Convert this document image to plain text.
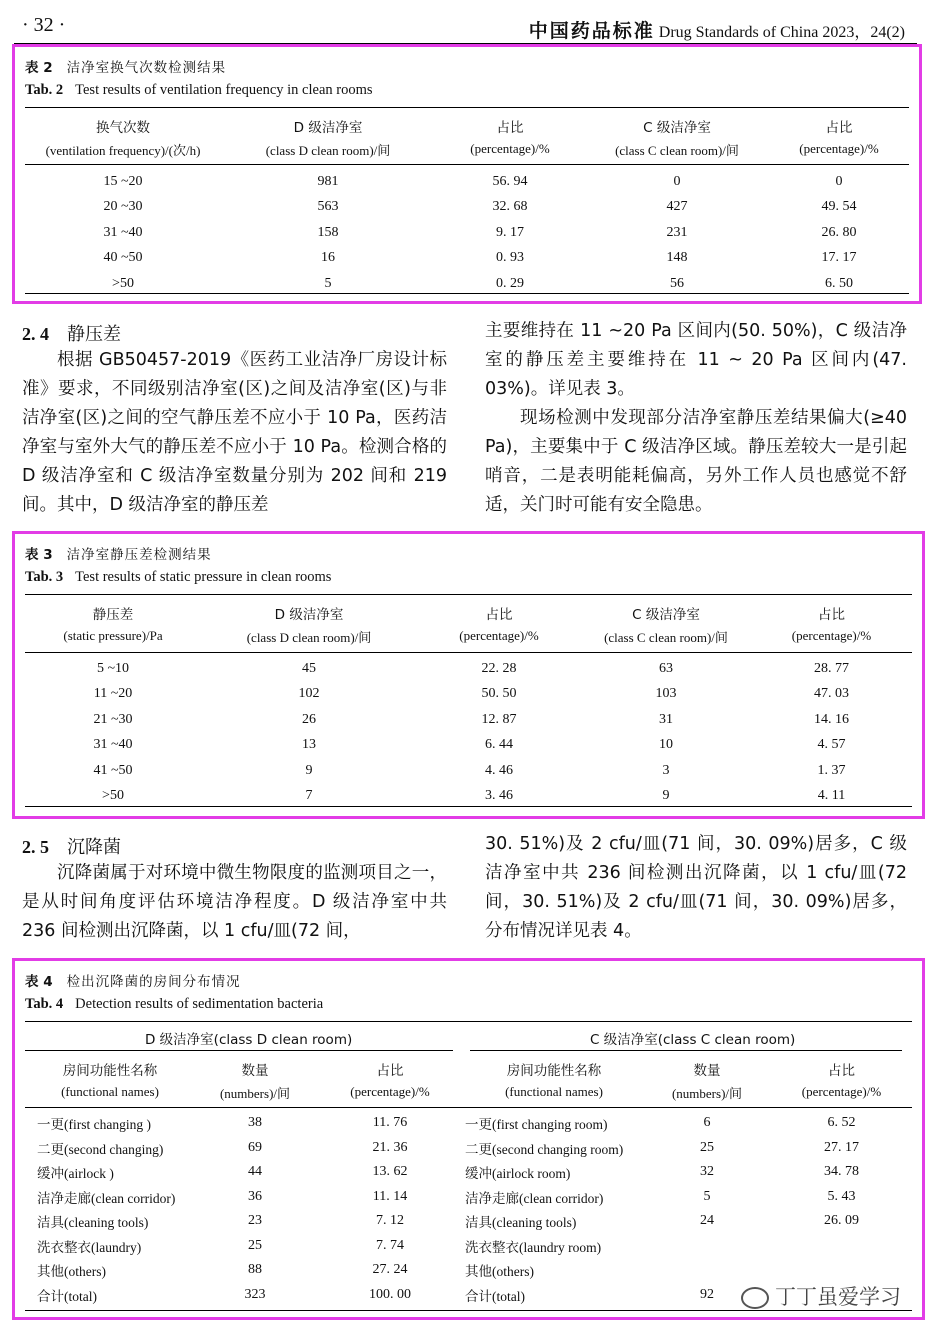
· 32 ·	中国药品标准 Drug Standards of China 2023，24(2)
表 2 洁净室换气次数检测结果
Tab. 2 Test results of ventilation frequency in clean rooms
换气次数	D 级洁净室	占比	C 级洁净室	占比
(ventilation frequency)/(次/h)	(class D clean room)/间	(percentage)/%	(class C clean room)/间	(percentage)/%
15 ~20	981	56. 94	0	0
20 ~30	563	32. 68	427	49. 54
31 ~40	158	9. 17	231	26. 80
40 ~50	16	0. 93	148	17. 17
>50	5	0. 29	56	6. 50
2. 4 静压差

根据 GB50457-2019《医药工业洁净厂房设计标准》要求，不同级别洁净室(区)之间及洁净室(区)与非洁净室(区)之间的空气静压差不应小于 10 Pa，医药洁净室与室外大气的静压差不应小于 10 Pa。检测合格的 D 级洁净室和 C 级洁净室数量分别为 202 间和 219 间。其中，D 级洁净室的静压差

主要维持在 11 ~20 Pa 区间内(50. 50%)，C 级洁净室的静压差主要维持在 11 ~ 20 Pa 区间内(47. 03%)。详见表 3。

现场检测中发现部分洁净室静压差结果偏大(≥40 Pa)，主要集中于 C 级洁净区域。静压差较大一是引起哨音，二是表明能耗偏高，另外工作人员也感觉不舒适，关门时可能有安全隐患。

表 3 洁净室静压差检测结果
Tab. 3 Test results of static pressure in clean rooms
静压差	D 级洁净室	占比	C 级洁净室	占比
(static pressure)/Pa	(class D clean room)/间	(percentage)/%	(class C clean room)/间	(percentage)/%
5 ~10	45	22. 28	63	28. 77
11 ~20	102	50. 50	103	47. 03
21 ~30	26	12. 87	31	14. 16
31 ~40	13	6. 44	10	4. 57
41 ~50	9	4. 46	3	1. 37
>50	7	3. 46	9	4. 11
2. 5 沉降菌

沉降菌属于对环境中微生物限度的监测项目之一，是从时间角度评估环境洁净程度。D 级洁净室中共 236 间检测出沉降菌，以 1 cfu/皿(72 间，

30. 51%)及 2 cfu/皿(71 间，30. 09%)居多，C 级洁净室中共 236 间检测出沉降菌，以 1 cfu/皿(72 间，30. 51%)及 2 cfu/皿(71 间，30. 09%)居多，分布情况详见表 4。

表 4 检出沉降菌的房间分布情况
Tab. 4 Detection results of sedimentation bacteria
D 级洁净室(class D clean room)	C 级洁净室(class C clean room)
房间功能性名称	数量	占比	房间功能性名称	数量	占比
(functional names)	(numbers)/间	(percentage)/%	(functional names)	(numbers)/间	(percentage)/%
一更(first changing )	38	11. 76	一更(first changing room)	6	6. 52
二更(second changing)	69	21. 36	二更(second changing room)	25	27. 17
缓冲(airlock )	44	13. 62	缓冲(airlock room)	32	34. 78
洁净走廊(clean corridor)	36	11. 14	洁净走廊(clean corridor)	5	5. 43
洁具(cleaning tools)	23	7. 12	洁具(cleaning tools)	24	26. 09
洗衣整衣(laundry)	25	7. 74	洗衣整衣(laundry room)		
其他(others)	88	27. 24	其他(others)		
合计(total)	323	100. 00	合计(total)	92		丁丁虽爱学习
